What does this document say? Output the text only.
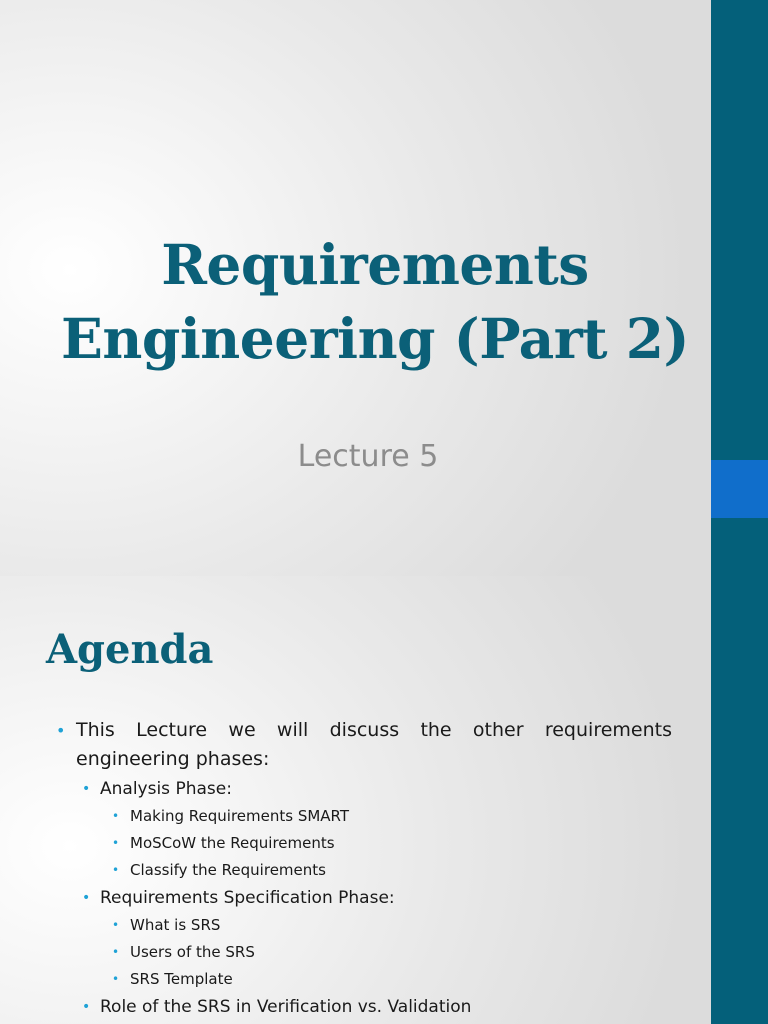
Requirements
Engineering (Part 2)

Lecture 5

Agenda
• This Lecture we will discuss the other requirements engineering phases:
• Analysis Phase:
• Making Requirements SMART
• MoSCoW the Requirements
• Classify the Requirements
• Requirements Specification Phase:
• What is SRS
• Users of the SRS
• SRS Template
• Role of the SRS in Verification vs. Validation
